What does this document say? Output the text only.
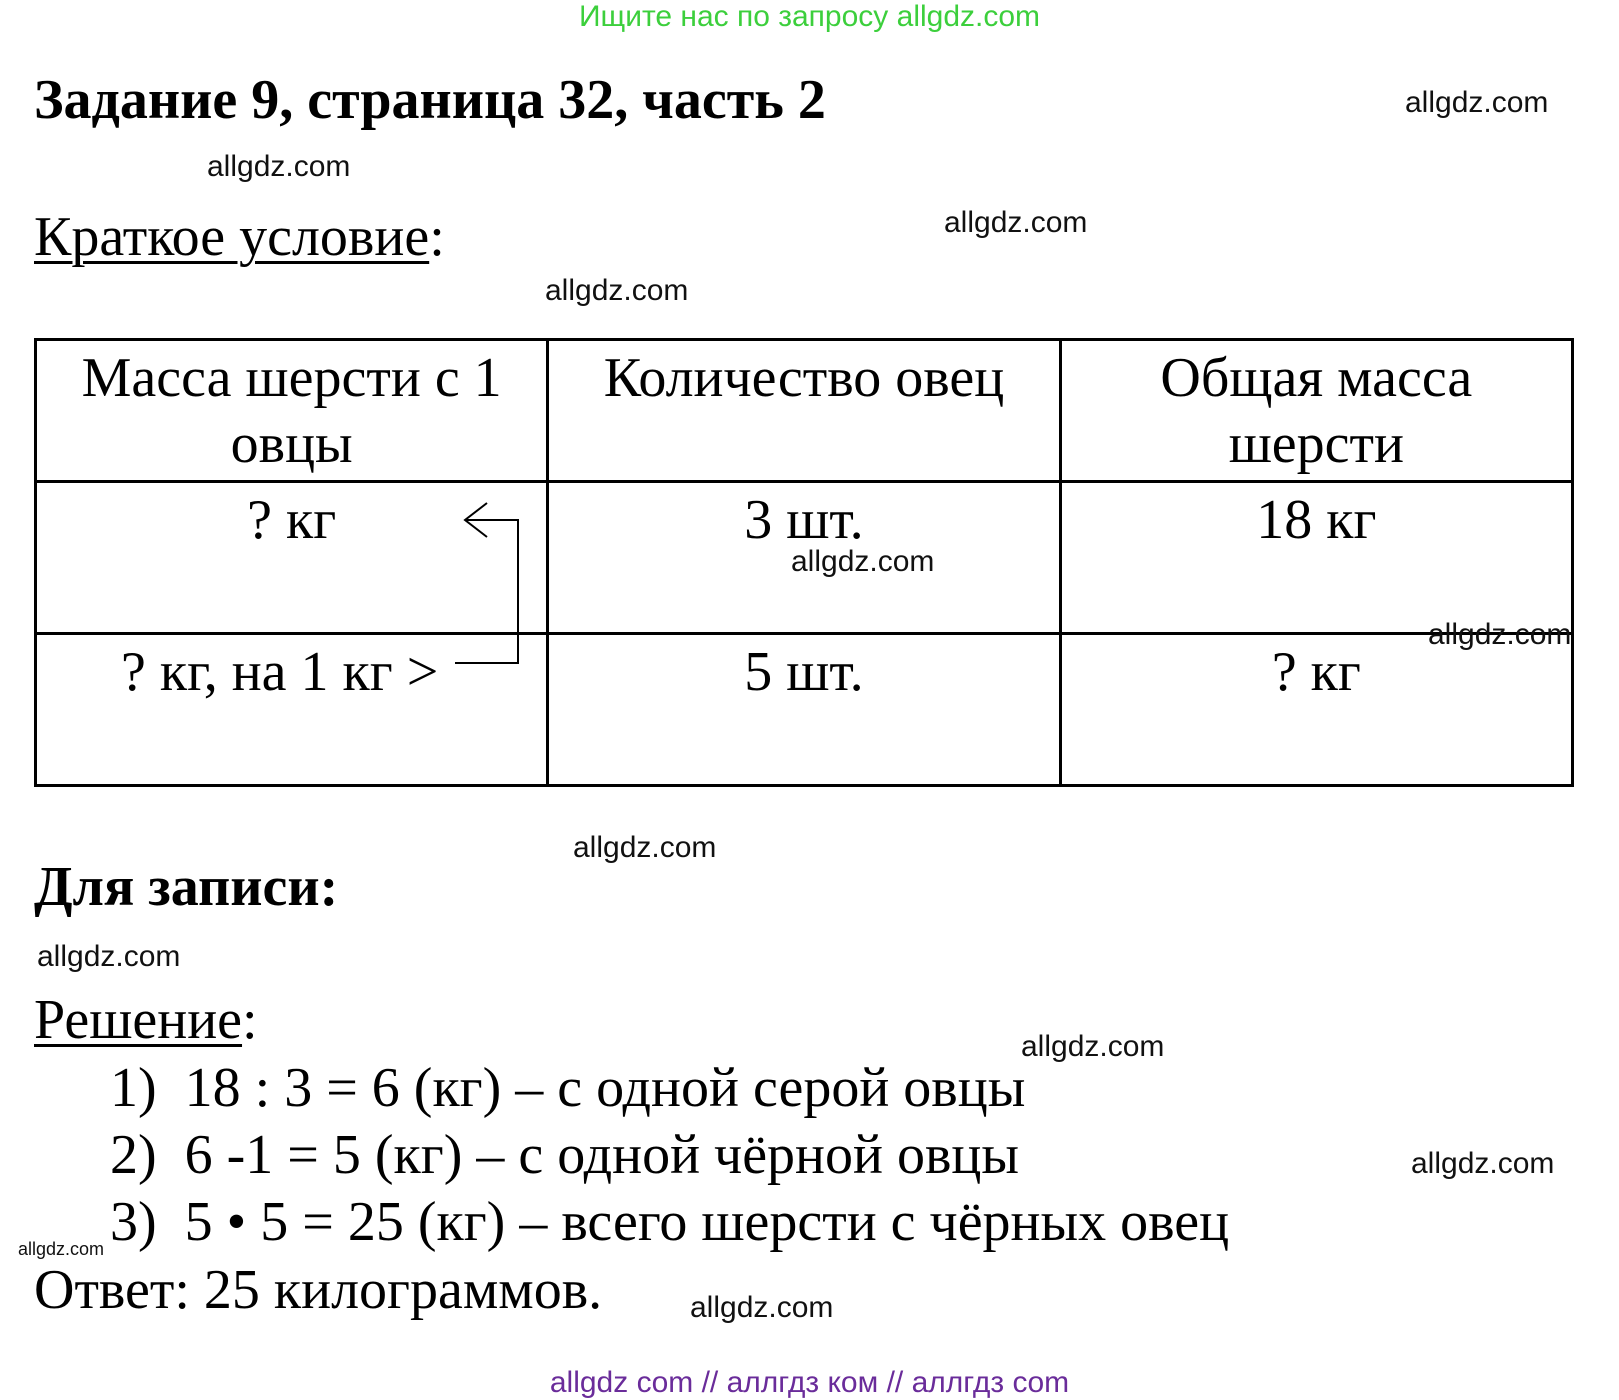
Ищите нас по запросу allgdz.com
Задание 9, страница 32, часть 2
Краткое условие:
Масса шерсти с 1 овцы	Количество овец	Общая масса шерсти
? кг	3 шт.	18 кг
? кг, на 1 кг >	5 шт.	? кг
Для записи:
Решение:
1) 18 : 3 = 6 (кг) – с одной серой овцы
2) 6 -1 = 5 (кг) – с одной чёрной овцы
3) 5 • 5 = 25 (кг) – всего шерсти с чёрных овец
Ответ: 25 килограммов.
allgdz.com
allgdz.com
allgdz.com
allgdz.com
allgdz.com
allgdz.com
allgdz.com
allgdz.com
allgdz.com
allgdz.com
allgdz.com
allgdz.com
allgdz com // аллгдз ком // аллгдз com
